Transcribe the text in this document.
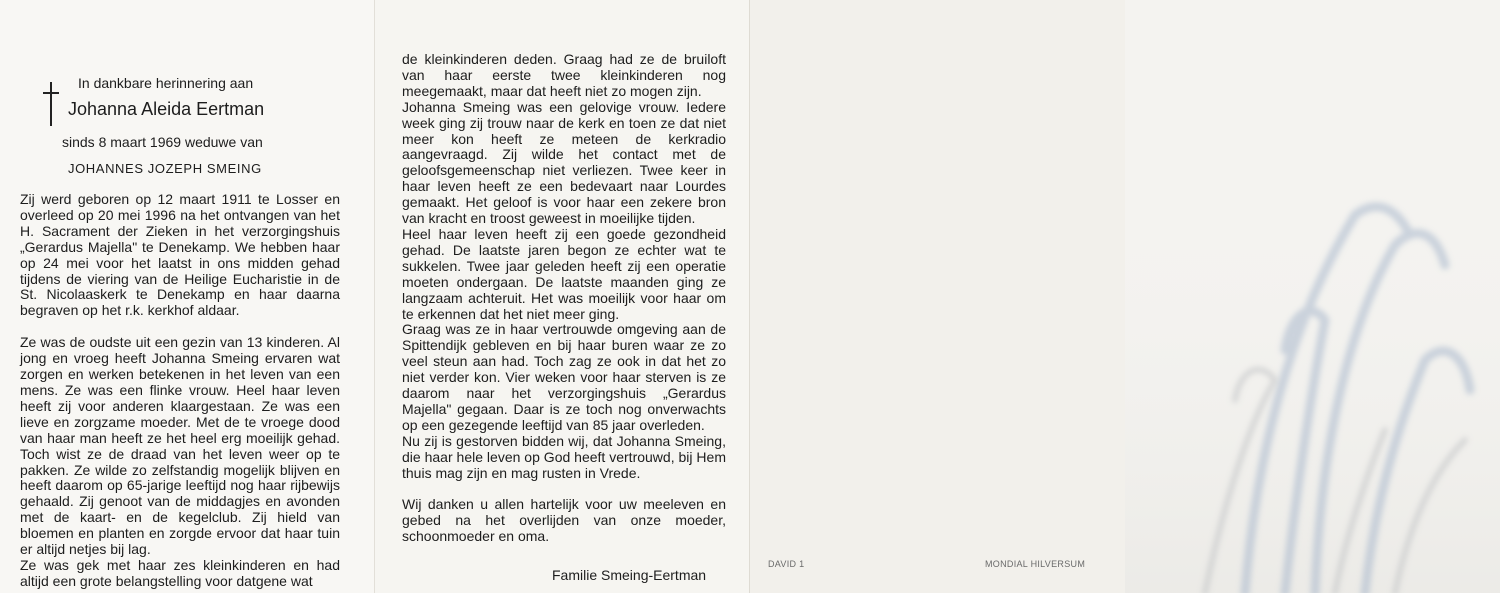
In dankbare herinnering aan
Johanna Aleida Eertman
sinds 8 maart 1969 weduwe van
JOHANNES JOZEPH SMEING

Zij werd geboren op 12 maart 1911 te Losser en overleed op 20 mei 1996 na het ontvangen van het H. Sacrament der Zieken in het verzorgingshuis „Gerardus Majella" te Denekamp. We hebben haar op 24 mei voor het laatst in ons midden gehad tijdens de viering van de Heilige Eucharistie in de St. Nicolaaskerk te Denekamp en haar daarna begraven op het r.k. kerkhof aldaar.

Ze was de oudste uit een gezin van 13 kinderen. Al jong en vroeg heeft Johanna Smeing ervaren wat zorgen en werken betekenen in het leven van een mens. Ze was een flinke vrouw. Heel haar leven heeft zij voor anderen klaargestaan. Ze was een lieve en zorgzame moeder. Met de te vroege dood van haar man heeft ze het heel erg moeilijk gehad. Toch wist ze de draad van het leven weer op te pakken. Ze wilde zo zelfstandig mogelijk blijven en heeft daarom op 65-jarige leeftijd nog haar rijbewijs gehaald. Zij genoot van de middagjes en avonden met de kaart- en de kegelclub. Zij hield van bloemen en planten en zorgde ervoor dat haar tuin er altijd netjes bij lag.

Ze was gek met haar zes kleinkinderen en had altijd een grote belangstelling voor datgene wat

de kleinkinderen deden. Graag had ze de bruiloft van haar eerste twee kleinkinderen nog meegemaakt, maar dat heeft niet zo mogen zijn.

Johanna Smeing was een gelovige vrouw. Iedere week ging zij trouw naar de kerk en toen ze dat niet meer kon heeft ze meteen de kerkradio aangevraagd. Zij wilde het contact met de geloofsgemeenschap niet verliezen. Twee keer in haar leven heeft ze een bedevaart naar Lourdes gemaakt. Het geloof is voor haar een zekere bron van kracht en troost geweest in moeilijke tijden.

Heel haar leven heeft zij een goede gezondheid gehad. De laatste jaren begon ze echter wat te sukkelen. Twee jaar geleden heeft zij een operatie moeten ondergaan. De laatste maanden ging ze langzaam achteruit. Het was moeilijk voor haar om te erkennen dat het niet meer ging.

Graag was ze in haar vertrouwde omgeving aan de Spittendijk gebleven en bij haar buren waar ze zo veel steun aan had. Toch zag ze ook in dat het zo niet verder kon. Vier weken voor haar sterven is ze daarom naar het verzorgingshuis „Gerardus Majella" gegaan. Daar is ze toch nog onverwachts op een gezegende leeftijd van 85 jaar overleden.

Nu zij is gestorven bidden wij, dat Johanna Smeing, die haar hele leven op God heeft vertrouwd, bij Hem thuis mag zijn en mag rusten in Vrede.

Wij danken u allen hartelijk voor uw meeleven en gebed na het overlijden van onze moeder, schoonmoeder en oma.

Familie Smeing-Eertman
DAVID 1	MONDIAL HILVERSUM
